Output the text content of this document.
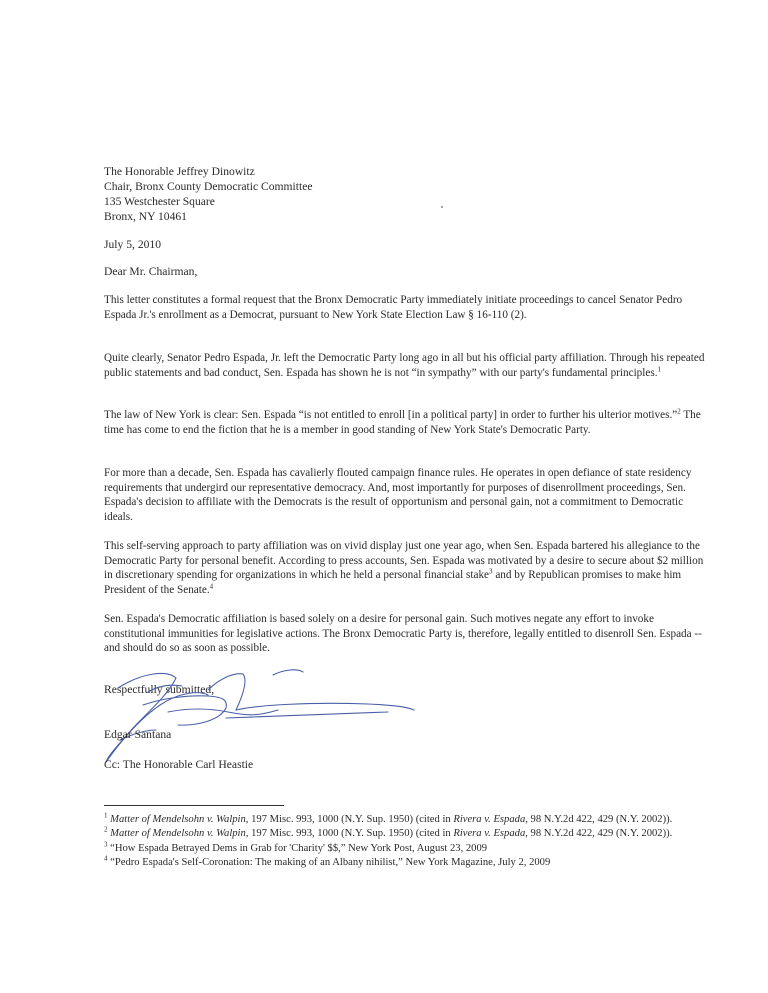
The Honorable Jeffrey Dinowitz
Chair, Bronx County Democratic Committee
135 Westchester Square
Bronx, NY 10461
July 5, 2010
Dear Mr. Chairman,

This letter constitutes a formal request that the Bronx Democratic Party immediately initiate proceedings to cancel Senator Pedro Espada Jr.'s enrollment as a Democrat, pursuant to New York State Election Law § 16-110 (2).

Quite clearly, Senator Pedro Espada, Jr. left the Democratic Party long ago in all but his official party affiliation. Through his repeated public statements and bad conduct, Sen. Espada has shown he is not “in sympathy” with our party's fundamental principles.$^1$

The law of New York is clear: Sen. Espada “is not entitled to enroll [in a political party] in order to further his ulterior motives.”$^2$ The time has come to end the fiction that he is a member in good standing of New York State's Democratic Party.

For more than a decade, Sen. Espada has cavalierly flouted campaign finance rules. He operates in open defiance of state residency requirements that undergird our representative democracy. And, most importantly for purposes of disenrollment proceedings, Sen. Espada's decision to affiliate with the Democrats is the result of opportunism and personal gain, not a commitment to Democratic ideals.

This self-serving approach to party affiliation was on vivid display just one year ago, when Sen. Espada bartered his allegiance to the Democratic Party for personal benefit. According to press accounts, Sen. Espada was motivated by a desire to secure about $2 million in discretionary spending for organizations in which he held a personal financial stake$^3$ and by Republican promises to make him President of the Senate.$^4$

Sen. Espada's Democratic affiliation is based solely on a desire for personal gain. Such motives negate any effort to invoke constitutional immunities for legislative actions. The Bronx Democratic Party is, therefore, legally entitled to disenroll Sen. Espada -- and should do so as soon as possible.

Respectfully submitted,
Edgar Santana
Cc: The Honorable Carl Heastie
$^1$ Matter of Mendelsohn v. Walpin, 197 Misc. 993, 1000 (N.Y. Sup. 1950) (cited in Rivera v. Espada, 98 N.Y.2d 422, 429 (N.Y. 2002)).
$^2$ Matter of Mendelsohn v. Walpin, 197 Misc. 993, 1000 (N.Y. Sup. 1950) (cited in Rivera v. Espada, 98 N.Y.2d 422, 429 (N.Y. 2002)).
$^3$ “How Espada Betrayed Dems in Grab for 'Charity' $$,” New York Post, August 23, 2009
$^4$ “Pedro Espada's Self-Coronation: The making of an Albany nihilist,” New York Magazine, July 2, 2009
